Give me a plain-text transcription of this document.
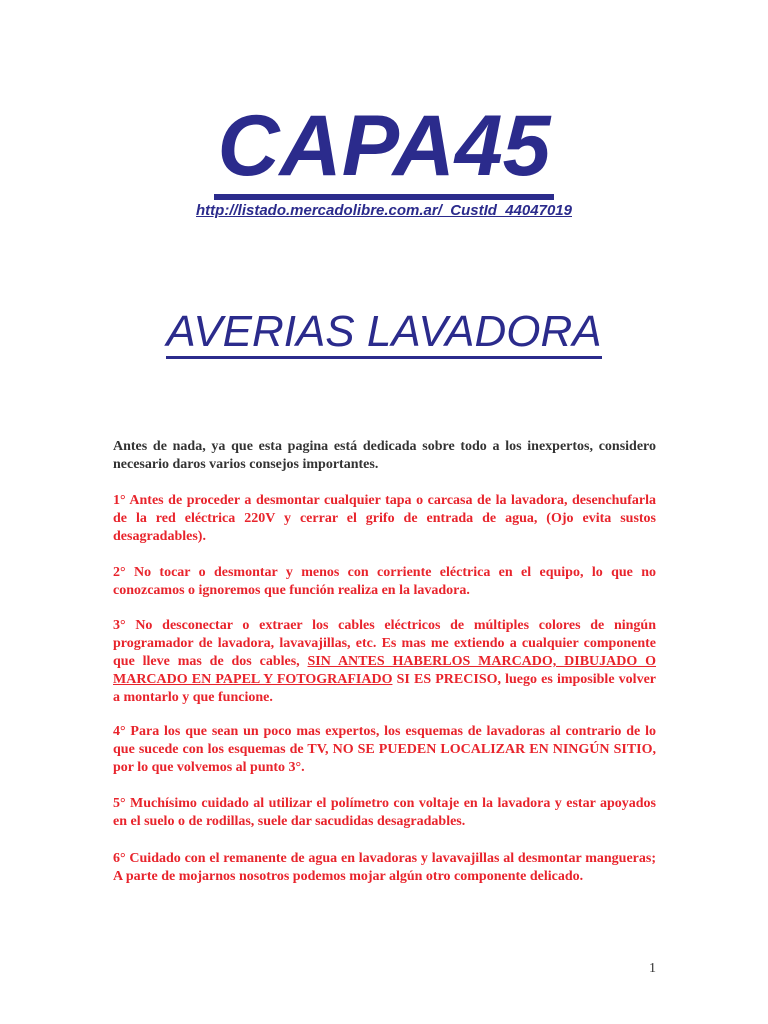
CAPA45
http://listado.mercadolibre.com.ar/_CustId_44047019
AVERIAS LAVADORA

Antes de nada, ya que esta pagina está dedicada sobre todo a los inexpertos, considero necesario daros varios consejos importantes.

1° Antes de proceder a desmontar cualquier tapa o carcasa de la lavadora, desenchufarla de la red eléctrica 220V y cerrar el grifo de entrada de agua, (Ojo evita sustos desagradables).

2° No tocar o desmontar y menos con corriente eléctrica en el equipo, lo que no conozcamos o ignoremos que función realiza en la lavadora.

3° No desconectar o extraer los cables eléctricos de múltiples colores de ningún programador de lavadora, lavavajillas, etc. Es mas me extiendo a cualquier componente que lleve mas de dos cables, SIN ANTES HABERLOS MARCADO, DIBUJADO O MARCADO EN PAPEL Y FOTOGRAFIADO SI ES PRECISO, luego es imposible volver a montarlo y que funcione.

4° Para los que sean un poco mas expertos, los esquemas de lavadoras al contrario de lo que sucede con los esquemas de TV, NO SE PUEDEN LOCALIZAR EN NINGÚN SITIO, por lo que volvemos al punto 3°.

5° Muchísimo cuidado al utilizar el polímetro con voltaje en la lavadora y estar apoyados en el suelo o de rodillas, suele dar sacudidas desagradables.

6° Cuidado con el remanente de agua en lavadoras y lavavajillas al desmontar mangueras; A parte de mojarnos nosotros podemos mojar algún otro componente delicado.

1
